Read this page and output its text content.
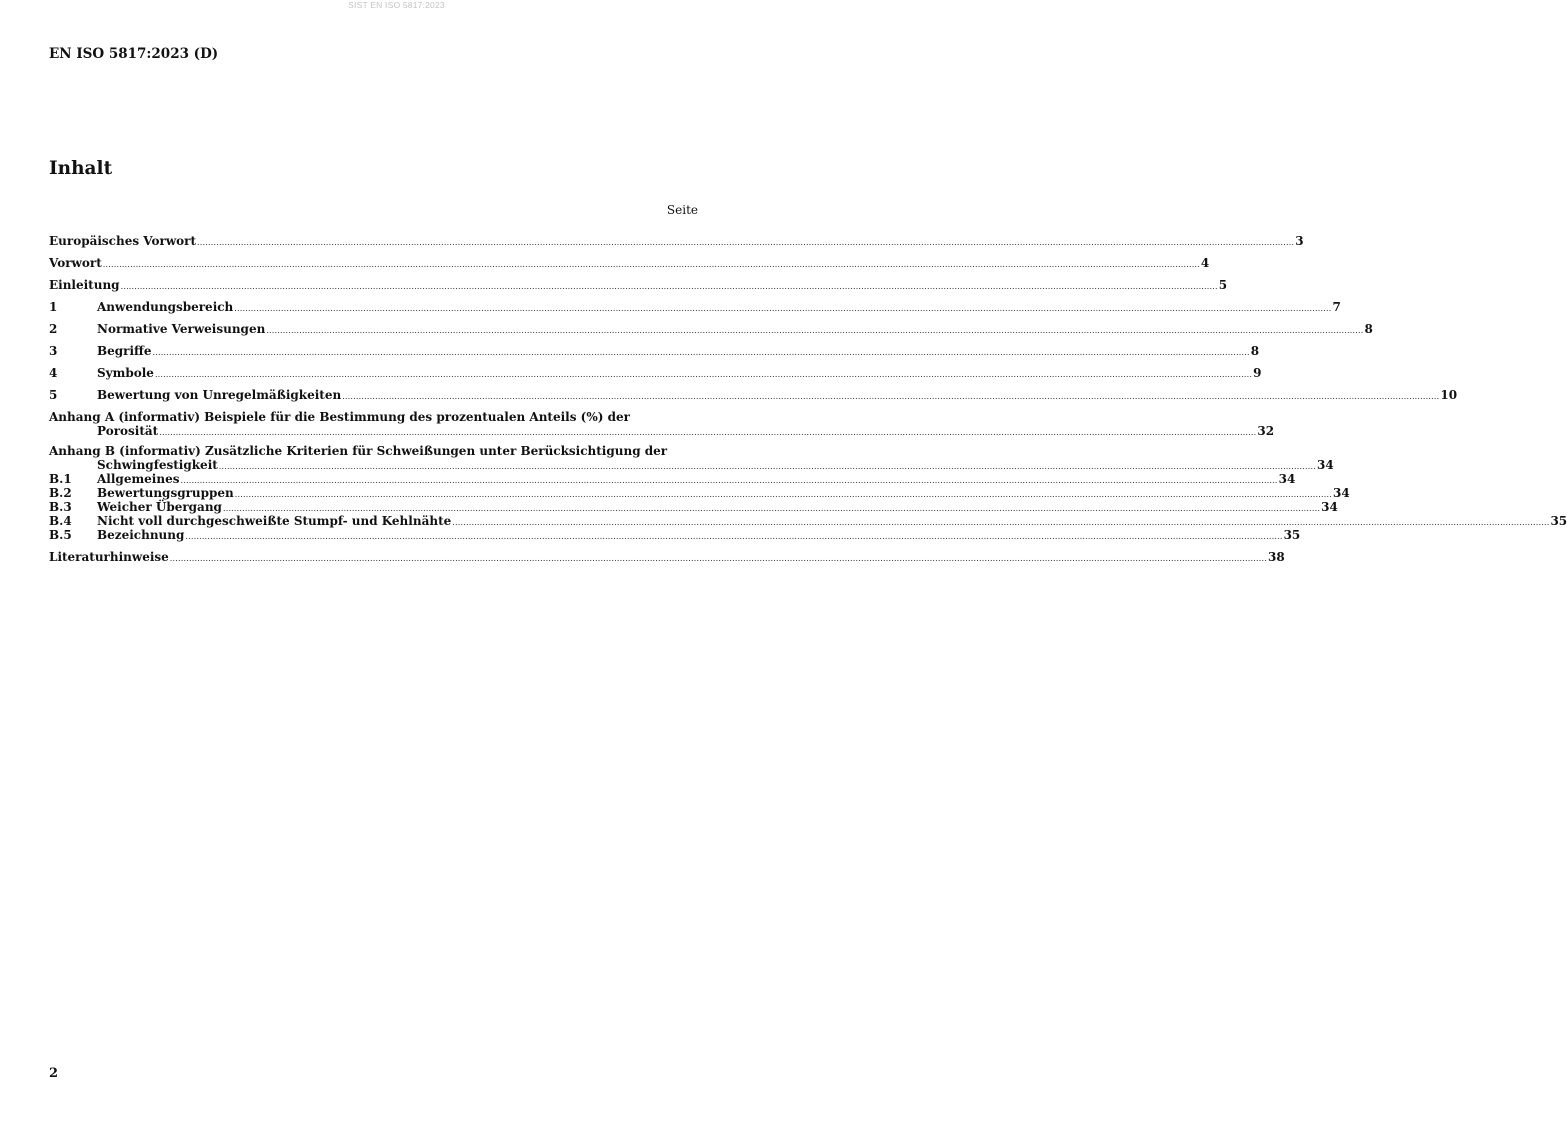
SIST EN ISO 5817:2023
EN ISO 5817:2023 (D)
Inhalt
Seite
Europäisches Vorwort ................................................................................................................................................................................................................................................................................................................................................................................................................ 3
Vorwort ................................................................................................................................................................................................................................................................................................................................................................................................................ 4
Einleitung ................................................................................................................................................................................................................................................................................................................................................................................................................ 5
1	Anwendungsbereich ................................................................................................................................................................................................................................................................................................................................................................................................................ 7
2	Normative Verweisungen ................................................................................................................................................................................................................................................................................................................................................................................................................ 8
3	Begriffe ................................................................................................................................................................................................................................................................................................................................................................................................................ 8
4	Symbole ................................................................................................................................................................................................................................................................................................................................................................................................................ 9
5	Bewertung von Unregelmäßigkeiten ................................................................................................................................................................................................................................................................................................................................................................................................................ 10
Anhang A (informativ) Beispiele für die Bestimmung des prozentualen Anteils (%) der
Porosität ................................................................................................................................................................................................................................................................................................................................................................................................................ 32
Anhang B (informativ) Zusätzliche Kriterien für Schweißungen unter Berücksichtigung der
Schwingfestigkeit ................................................................................................................................................................................................................................................................................................................................................................................................................ 34
B.1	Allgemeines ................................................................................................................................................................................................................................................................................................................................................................................................................ 34
B.2	Bewertungsgruppen ................................................................................................................................................................................................................................................................................................................................................................................................................ 34
B.3	Weicher Übergang ................................................................................................................................................................................................................................................................................................................................................................................................................ 34
B.4	Nicht voll durchgeschweißte Stumpf- und Kehlnähte ................................................................................................................................................................................................................................................................................................................................................................................................................ 35
B.5	Bezeichnung ................................................................................................................................................................................................................................................................................................................................................................................................................ 35
Literaturhinweise ................................................................................................................................................................................................................................................................................................................................................................................................................ 38
2
